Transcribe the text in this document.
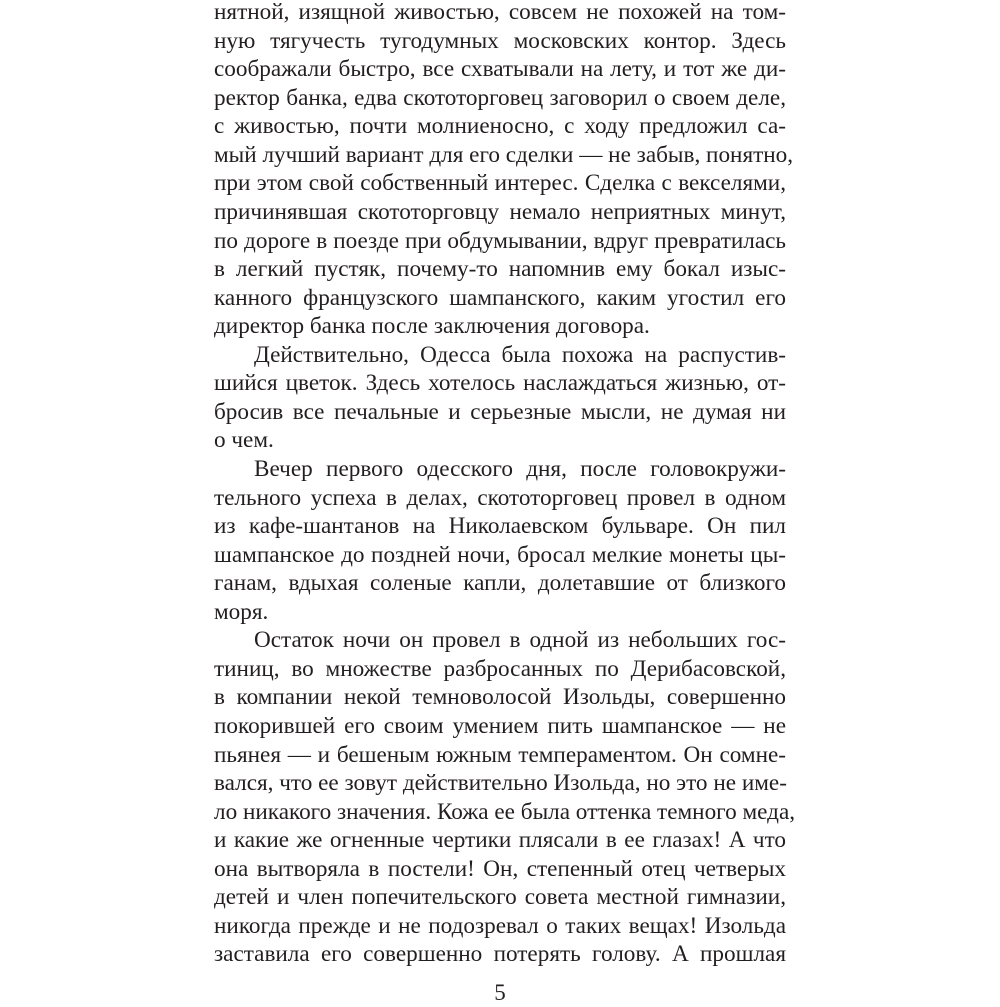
нятной, изящной живостью, совсем не похожей на том-
ную тягучесть тугодумных московских контор. Здесь
соображали быстро, все схватывали на лету, и тот же ди-
ректор банка, едва скототорговец заговорил о своем деле,
с живостью, почти молниеносно, с ходу предложил са-
мый лучший вариант для его сделки — не забыв, понятно,
при этом свой собственный интерес. Сделка с векселями,
причинявшая скототорговцу немало неприятных минут,
по дороге в поезде при обдумывании, вдруг превратилась
в легкий пустяк, почему-то напомнив ему бокал изыс-
канного французского шампанского, каким угостил его
директор банка после заключения договора.
Действительно, Одесса была похожа на распустив-
шийся цветок. Здесь хотелось наслаждаться жизнью, от-
бросив все печальные и серьезные мысли, не думая ни
о чем.
Вечер первого одесского дня, после головокружи-
тельного успеха в делах, скототорговец провел в одном
из кафе-шантанов на Николаевском бульваре. Он пил
шампанское до поздней ночи, бросал мелкие монеты цы-
ганам, вдыхая соленые капли, долетавшие от близкого
моря.
Остаток ночи он провел в одной из небольших гос-
тиниц, во множестве разбросанных по Дерибасовской,
в компании некой темноволосой Изольды, совершенно
покорившей его своим умением пить шампанское — не
пьянея — и бешеным южным темпераментом. Он сомне-
вался, что ее зовут действительно Изольда, но это не име-
ло никакого значения. Кожа ее была оттенка темного меда,
и какие же огненные чертики плясали в ее глазах! А что
она вытворяла в постели! Он, степенный отец четверых
детей и член попечительского совета местной гимназии,
никогда прежде и не подозревал о таких вещах! Изольда
заставила его совершенно потерять голову. А прошлая
5
